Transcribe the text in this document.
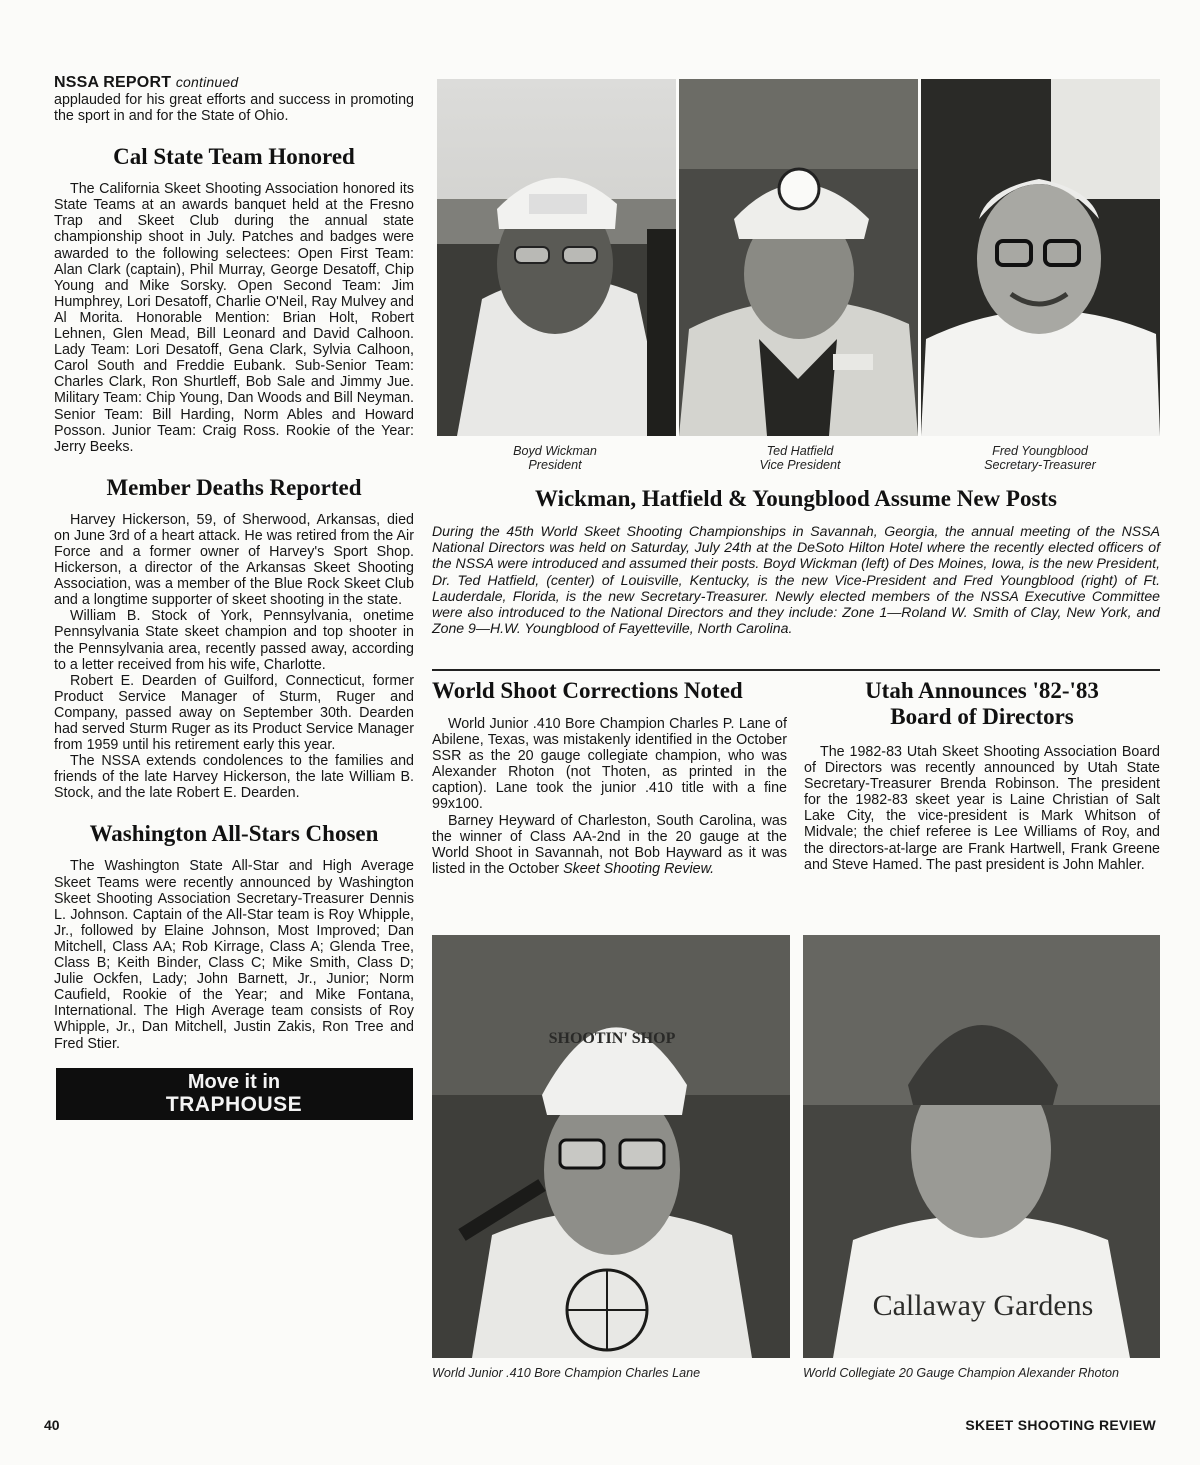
NSSA REPORT continued

applauded for his great efforts and success in promoting the sport in and for the State of Ohio.

Cal State Team Honored

The California Skeet Shooting Association honored its State Teams at an awards banquet held at the Fresno Trap and Skeet Club during the annual state championship shoot in July. Patches and badges were awarded to the following selectees: Open First Team: Alan Clark (captain), Phil Murray, George Desatoff, Chip Young and Mike Sorsky. Open Second Team: Jim Humphrey, Lori Desatoff, Charlie O'Neil, Ray Mulvey and Al Morita. Honorable Mention: Brian Holt, Robert Lehnen, Glen Mead, Bill Leonard and David Calhoon. Lady Team: Lori Desatoff, Gena Clark, Sylvia Calhoon, Carol South and Freddie Eubank. Sub-Senior Team: Charles Clark, Ron Shurtleff, Bob Sale and Jimmy Jue. Military Team: Chip Young, Dan Woods and Bill Neyman. Senior Team: Bill Harding, Norm Ables and Howard Posson. Junior Team: Craig Ross. Rookie of the Year: Jerry Beeks.

Member Deaths Reported

Harvey Hickerson, 59, of Sherwood, Arkansas, died on June 3rd of a heart attack. He was retired from the Air Force and a former owner of Harvey's Sport Shop. Hickerson, a director of the Arkansas Skeet Shooting Association, was a member of the Blue Rock Skeet Club and a longtime supporter of skeet shooting in the state.

William B. Stock of York, Pennsylvania, onetime Pennsylvania State skeet champion and top shooter in the Pennsylvania area, recently passed away, according to a letter received from his wife, Charlotte.

Robert E. Dearden of Guilford, Connecticut, former Product Service Manager of Sturm, Ruger and Company, passed away on September 30th. Dearden had served Sturm Ruger as its Product Service Manager from 1959 until his retirement early this year.

The NSSA extends condolences to the families and friends of the late Harvey Hickerson, the late William B. Stock, and the late Robert E. Dearden.

Washington All-Stars Chosen

The Washington State All-Star and High Average Skeet Teams were recently announced by Washington Skeet Shooting Association Secretary-Treasurer Dennis L. Johnson. Captain of the All-Star team is Roy Whipple, Jr., followed by Elaine Johnson, Most Improved; Dan Mitchell, Class AA; Rob Kirrage, Class A; Glenda Tree, Class B; Keith Binder, Class C; Mike Smith, Class D; Julie Ockfen, Lady; John Barnett, Jr., Junior; Norm Caufield, Rookie of the Year; and Mike Fontana, International. The High Average team consists of Roy Whipple, Jr., Dan Mitchell, Justin Zakis, Ron Tree and Fred Stier.

Move it in
TRAPHOUSE
Boyd Wickman
President
Ted Hatfield
Vice President
Fred Youngblood
Secretary-Treasurer
Wickman, Hatfield & Youngblood Assume New Posts
During the 45th World Skeet Shooting Championships in Savannah, Georgia, the annual meeting of the NSSA National Directors was held on Saturday, July 24th at the DeSoto Hilton Hotel where the recently elected officers of the NSSA were introduced and assumed their posts. Boyd Wickman (left) of Des Moines, Iowa, is the new President, Dr. Ted Hatfield, (center) of Louisville, Kentucky, is the new Vice-President and Fred Youngblood (right) of Ft. Lauderdale, Florida, is the new Secretary-Treasurer. Newly elected members of the NSSA Executive Committee were also introduced to the National Directors and they include: Zone 1—Roland W. Smith of Clay, New York, and Zone 9—H.W. Youngblood of Fayetteville, North Carolina.
World Shoot Corrections Noted

World Junior .410 Bore Champion Charles P. Lane of Abilene, Texas, was mistakenly identified in the October SSR as the 20 gauge collegiate champion, who was Alexander Rhoton (not Thoten, as printed in the caption). Lane took the junior .410 title with a fine 99x100.

Barney Heyward of Charleston, South Carolina, was the winner of Class AA-2nd in the 20 gauge at the World Shoot in Savannah, not Bob Hayward as it was listed in the October Skeet Shooting Review.

Utah Announces '82-'83
Board of Directors

The 1982-83 Utah Skeet Shooting Association Board of Directors was recently announced by Utah State Secretary-Treasurer Brenda Robinson. The president for the 1982-83 skeet year is Laine Christian of Salt Lake City, the vice-president is Mark Whitson of Midvale; the chief referee is Lee Williams of Roy, and the directors-at-large are Frank Hartwell, Frank Greene and Steve Hamed. The past president is John Mahler.

SHOOTIN' SHOP
Callaway Gardens
World Junior .410 Bore Champion Charles Lane	World Collegiate 20 Gauge Champion Alexander Rhoton
40	SKEET SHOOTING REVIEW
